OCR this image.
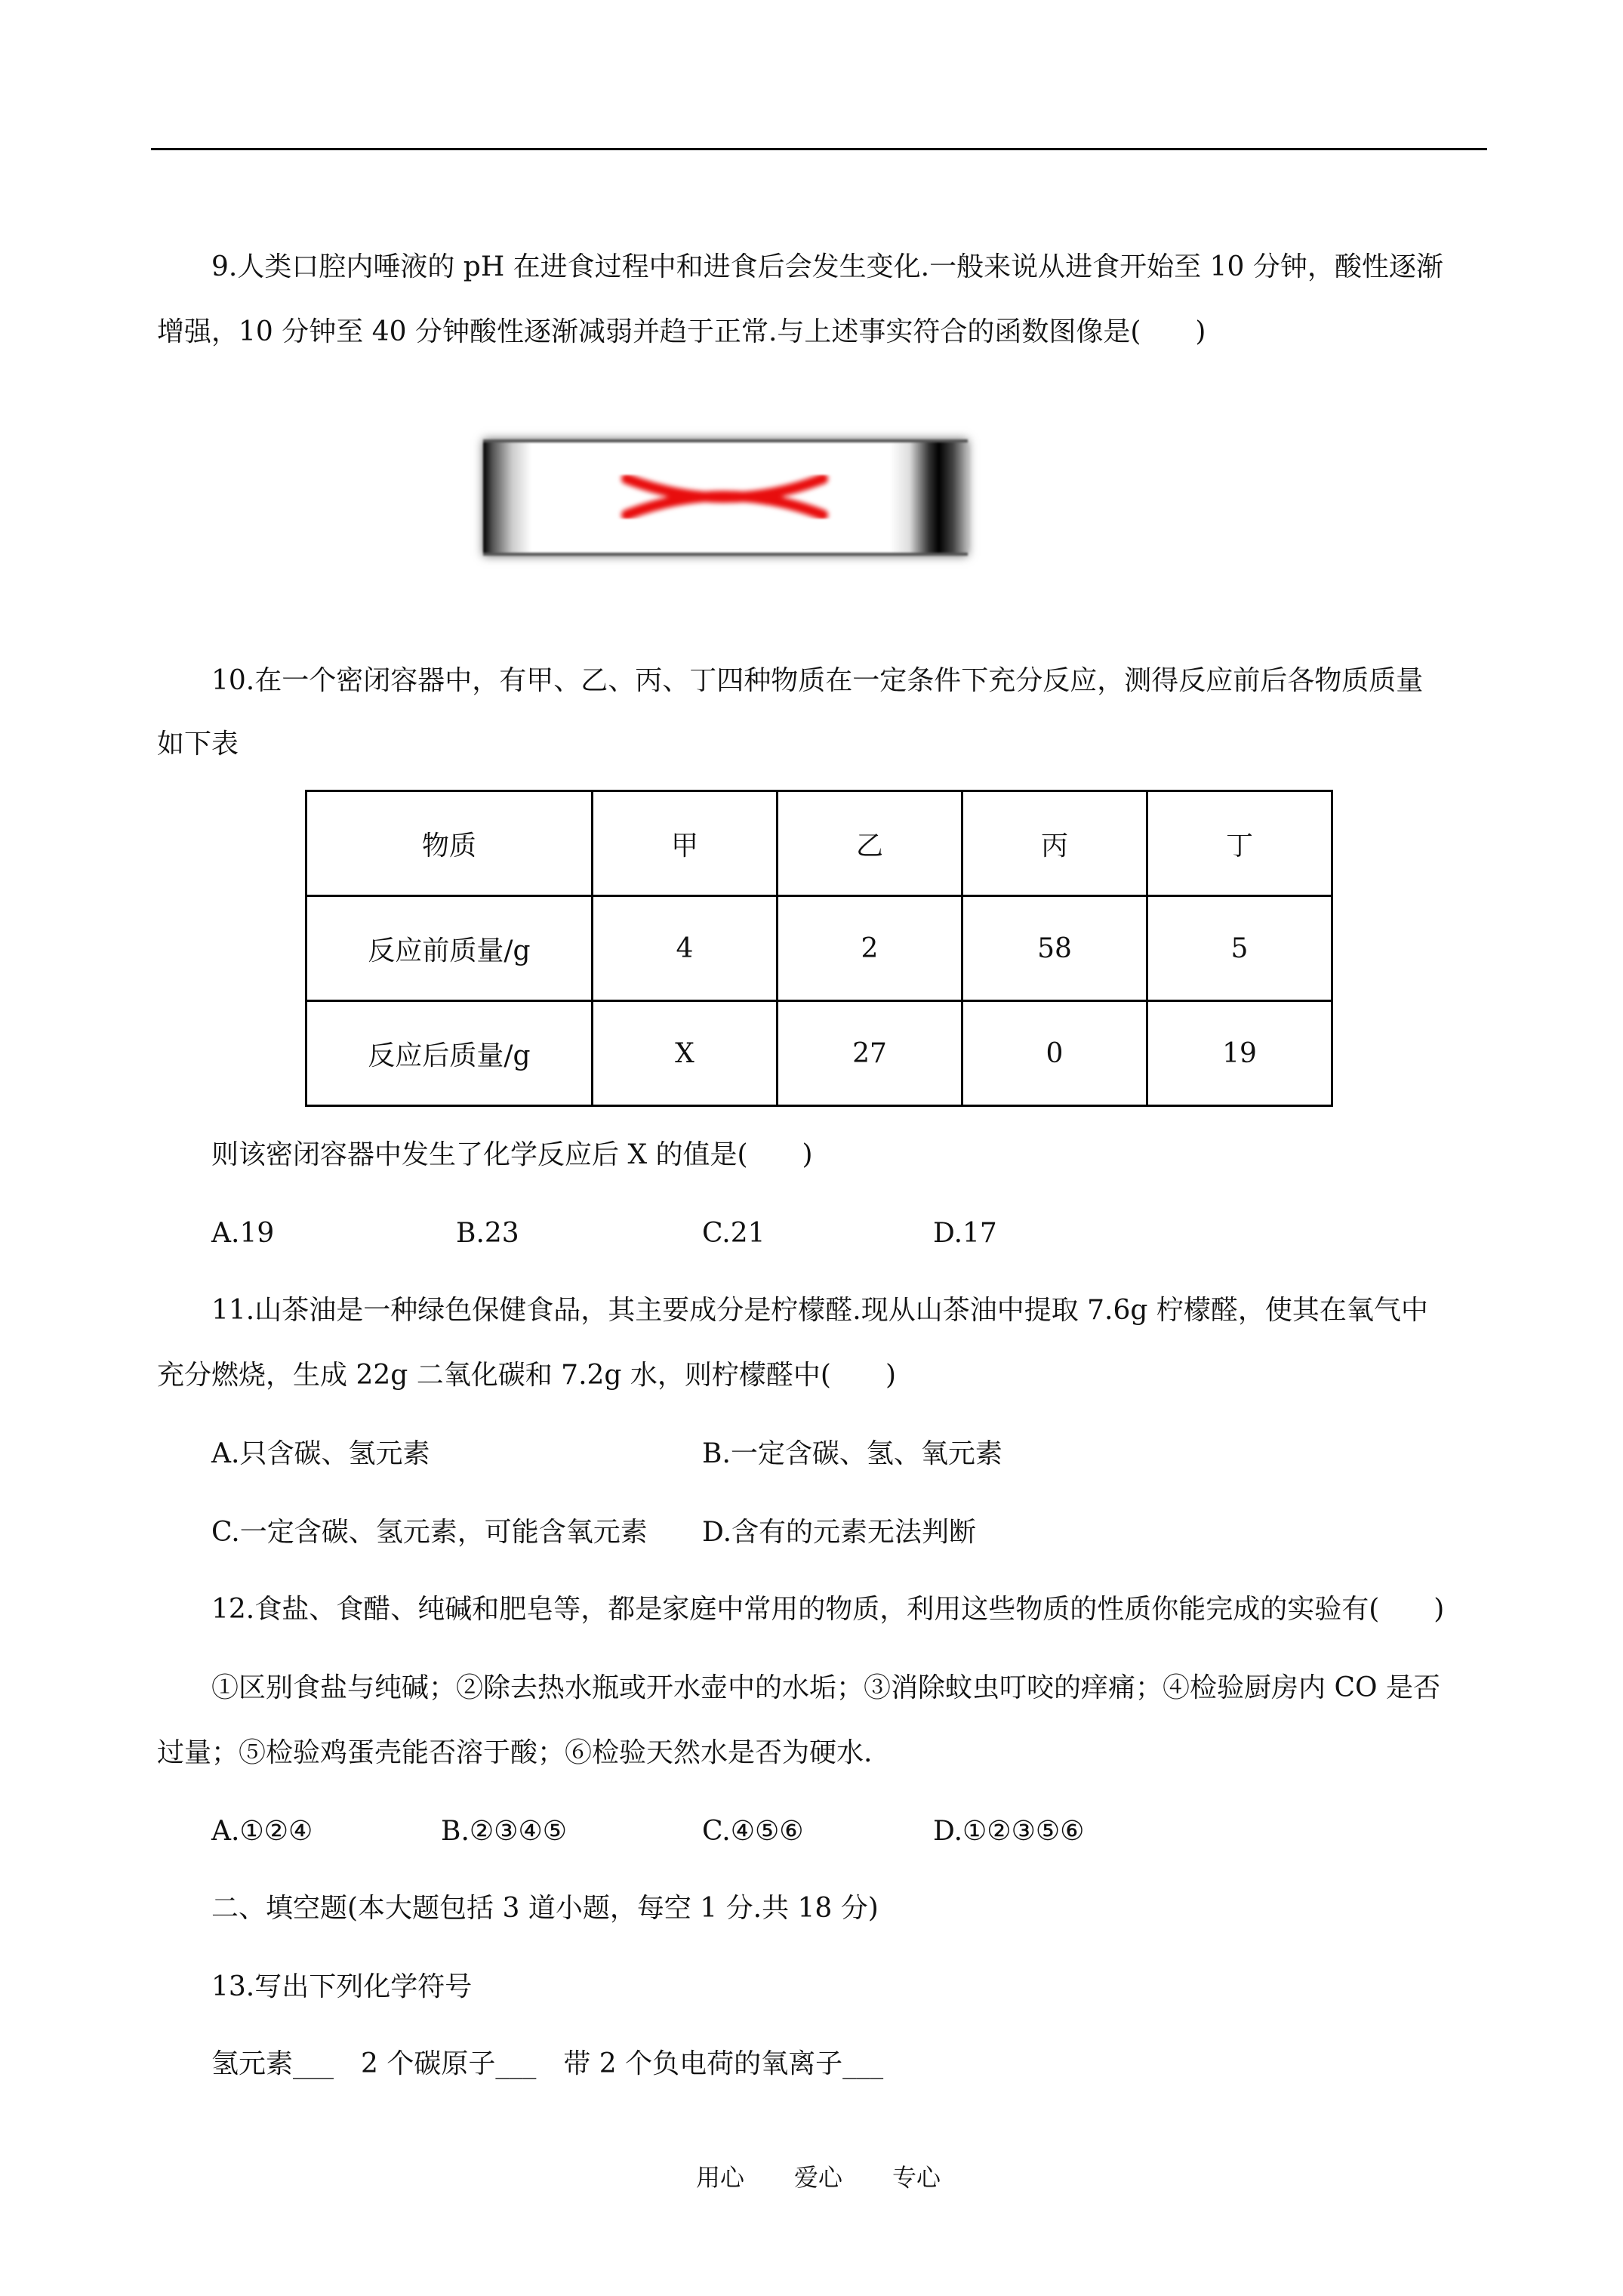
9.人类口腔内唾液的 pH 在进食过程中和进食后会发生变化.一般来说从进食开始至 10 分钟，酸性逐渐
增强，10 分钟至 40 分钟酸性逐渐减弱并趋于正常.与上述事实符合的函数图像是(　　)
10.在一个密闭容器中，有甲、乙、丙、丁四种物质在一定条件下充分反应，测得反应前后各物质质量
如下表
物质	甲	乙	丙	丁
反应前质量/g	4	2	58	5
反应后质量/g	X	27	0	19
则该密闭容器中发生了化学反应后 X 的值是(　　)
A.19	B.23	C.21	D.17
11.山茶油是一种绿色保健食品，其主要成分是柠檬醛.现从山茶油中提取 7.6g 柠檬醛，使其在氧气中
充分燃烧，生成 22g 二氧化碳和 7.2g 水，则柠檬醛中(　　)
A.只含碳、氢元素	B.一定含碳、氢、氧元素
C.一定含碳、氢元素，可能含氧元素 D.含有的元素无法判断
12.食盐、食醋、纯碱和肥皂等，都是家庭中常用的物质，利用这些物质的性质你能完成的实验有(　　)
①区别食盐与纯碱；②除去热水瓶或开水壶中的水垢；③消除蚊虫叮咬的痒痛；④检验厨房内 CO 是否
过量；⑤检验鸡蛋壳能否溶于酸；⑥检验天然水是否为硬水.
A.①②④	B.②③④⑤	C.④⑤⑥	D.①②③⑤⑥
二、填空题(本大题包括 3 道小题，每空 1 分.共 18 分)
13.写出下列化学符号
氢元素___　2 个碳原子___　带 2 个负电荷的氧离子___
用心 爱心 专心
